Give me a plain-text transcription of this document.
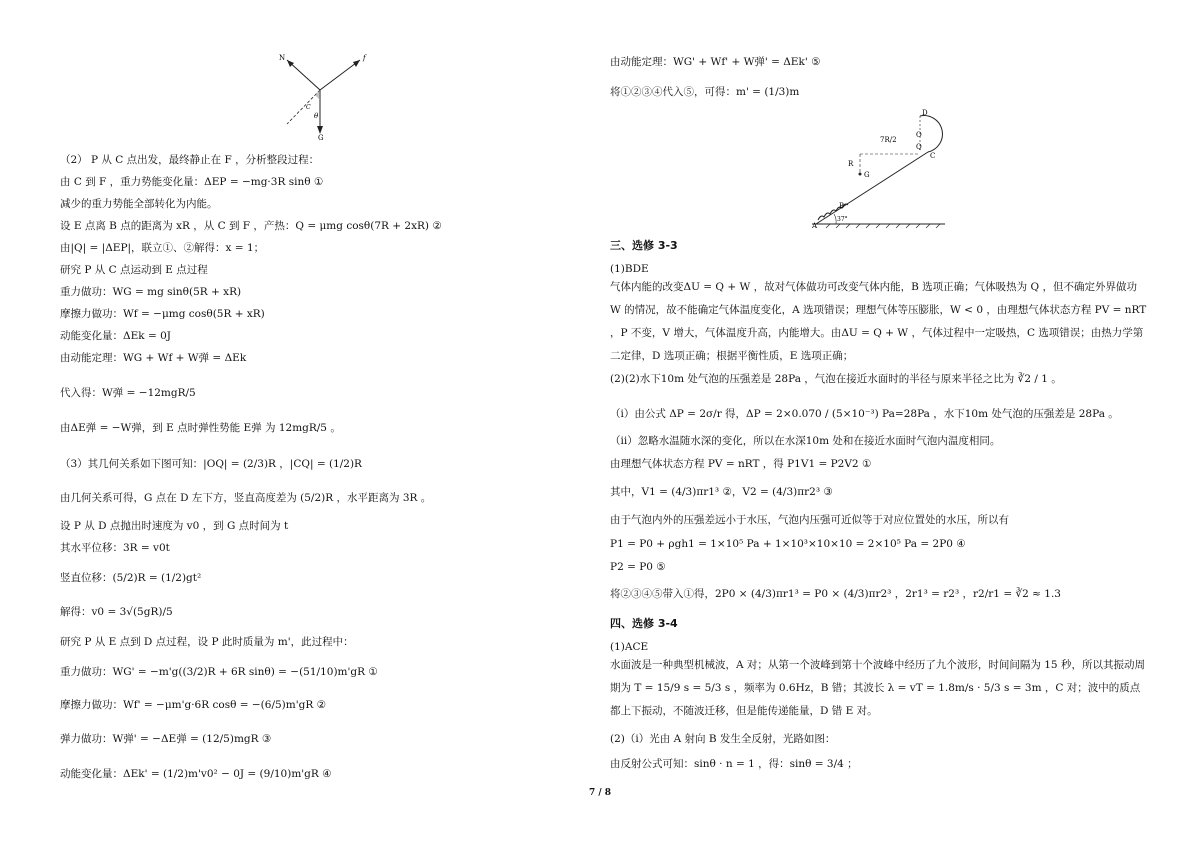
N	f
G
θ
C
（2） P 从 C 点出发，最终静止在 F ，分析整段过程：
由 C 到 F ，重力势能变化量：ΔEP = −mg·3R sinθ ①
减少的重力势能全部转化为内能。
设 E 点离 B 点的距离为 xR ，从 C 到 F ，产热：Q = μmg cosθ(7R + 2xR) ②
由|Q| = |ΔEP|，联立①、②解得：x = 1；
研究 P 从 C 点运动到 E 点过程
重力做功：WG = mg sinθ(5R + xR)
摩擦力做功：Wf = −μmg cosθ(5R + xR)
动能变化量：ΔEk = 0J
由动能定理：WG + Wf + W弹 = ΔEk
代入得：W弹 = −12mgR/5
由ΔE弹 = −W弹，到 E 点时弹性势能 E弹 为 12mgR/5 。
（3）其几何关系如下图可知：|OQ| = (2/3)R ，|CQ| = (1/2)R
由几何关系可得，G 点在 D 左下方，竖直高度差为 (5/2)R ，水平距离为 3R 。
设 P 从 D 点抛出时速度为 v0 ，到 G 点时间为 t
其水平位移：3R = v0t
竖直位移：(5/2)R = (1/2)gt²
解得：v0 = 3√(5gR)/5
研究 P 从 E 点到 D 点过程，设 P 此时质量为 m'，此过程中：
重力做功：WG' = −m'g((3/2)R + 6R sinθ) = −(51/10)m'gR ①
摩擦力做功：Wf' = −μm'g·6R cosθ = −(6/5)m'gR ②
弹力做功：W弹' = −ΔE弹 = (12/5)mgR ③
动能变化量：ΔEk' = (1/2)m'v0² − 0J = (9/10)m'gR ④
由动能定理：WG' + Wf' + W弹' = ΔEk' ⑤
将①②③④代入⑤，可得：m' = (1/3)m
D
O
Q
C
R
G
B
A
7R/2
37°
三、选修 3-3
(1)BDE
气体内能的改变ΔU = Q + W ，故对气体做功可改变气体内能，B 选项正确；气体吸热为 Q ，但不确定外界做功 W 的情况，故不能确定气体温度变化，A 选项错误；理想气体等压膨胀，W < 0 ，由理想气体状态方程 PV = nRT ，P 不变，V 增大，气体温度升高，内能增大。由ΔU = Q + W ，气体过程中一定吸热，C 选项错误；由热力学第二定律，D 选项正确；根据平衡性质，E 选项正确；
(2)(2)水下10m 处气泡的压强差是 28Pa ，气泡在接近水面时的半径与原来半径之比为 ∛2 / 1 。
（i）由公式 ΔP = 2σ/r 得，ΔP = 2×0.070 / (5×10⁻³) Pa=28Pa ，水下10m 处气泡的压强差是 28Pa 。
（ii）忽略水温随水深的变化，所以在水深10m 处和在接近水面时气泡内温度相同。
由理想气体状态方程 PV = nRT ，得 P1V1 = P2V2 ①
其中，V1 = (4/3)πr1³ ②，V2 = (4/3)πr2³ ③
由于气泡内外的压强差远小于水压，气泡内压强可近似等于对应位置处的水压，所以有
P1 = P0 + ρgh1 = 1×10⁵ Pa + 1×10³×10×10 = 2×10⁵ Pa = 2P0 ④
P2 = P0 ⑤
将②③④⑤带入①得，2P0 × (4/3)πr1³ = P0 × (4/3)πr2³ ，2r1³ = r2³ ，r2/r1 = ∛2 ≈ 1.3
四、选修 3-4
(1)ACE
水面波是一种典型机械波，A 对；从第一个波峰到第十个波峰中经历了九个波形，时间间隔为 15 秒，所以其振动周期为 T = 15/9 s = 5/3 s ，频率为 0.6Hz，B 错；其波长 λ = vT = 1.8m/s · 5/3 s = 3m ，C 对；波中的质点都上下振动，不随波迁移，但是能传递能量，D 错 E 对。
(2)（i）光由 A 射向 B 发生全反射，光路如图：
由反射公式可知：sinθ · n = 1 ，得：sinθ = 3/4 ；
7 / 8
